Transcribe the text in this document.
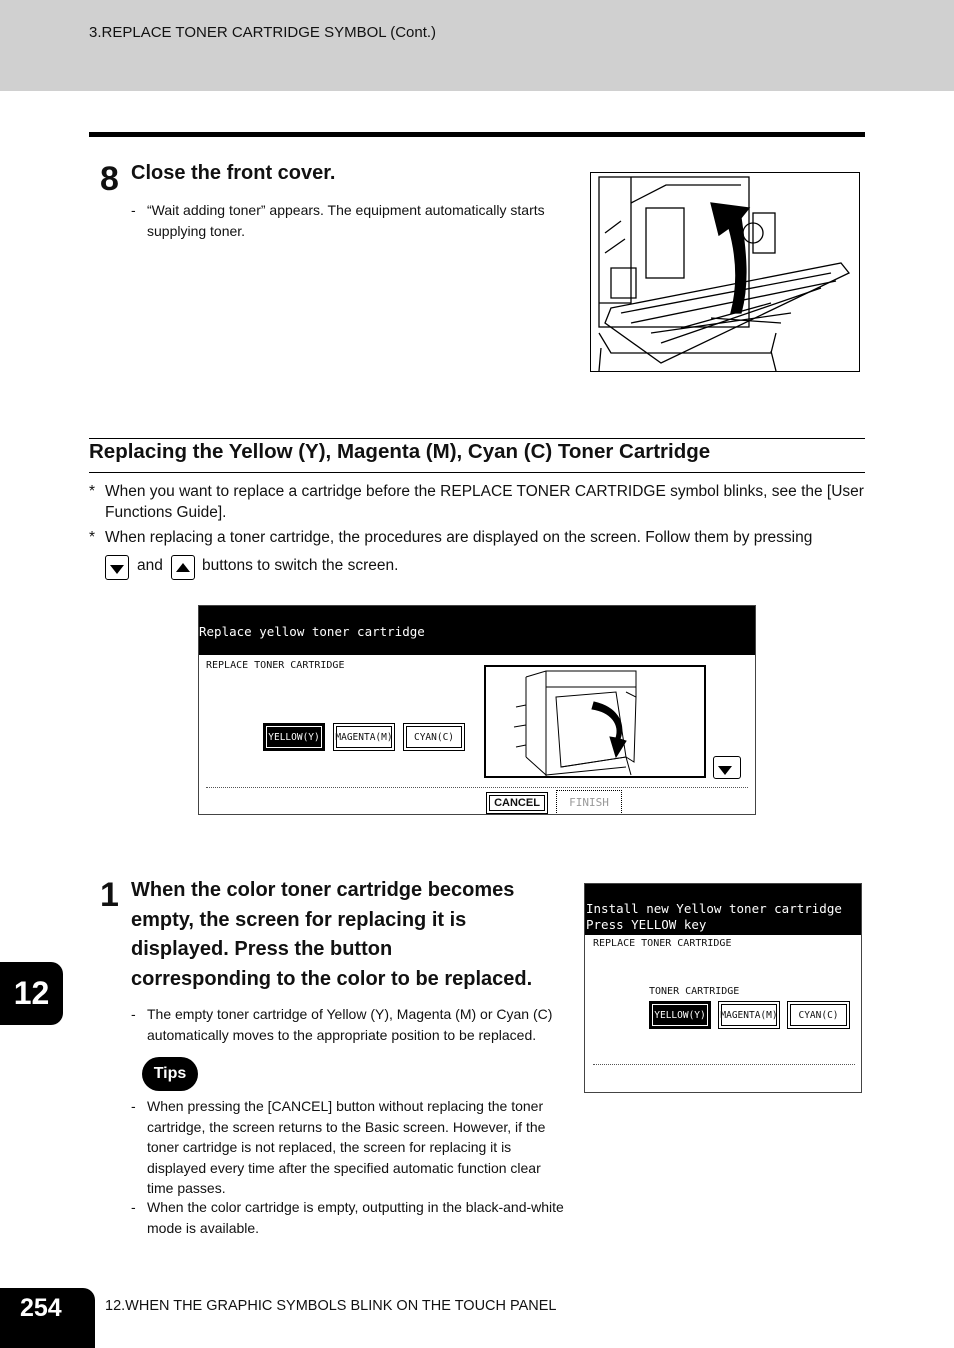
3.REPLACE TONER CARTRIDGE SYMBOL (Cont.)
8 Close the front cover.
- “Wait adding toner” appears. The equipment automatically starts supplying toner.
Replacing the Yellow (Y), Magenta (M), Cyan (C) Toner Cartridge
* When you want to replace a cartridge before the REPLACE TONER CARTRIDGE symbol blinks, see the [User Functions Guide].
* When replacing a toner cartridge, the procedures are displayed on the screen. Follow them by pressing
and	buttons to switch the screen.
Replace yellow toner cartridge
REPLACE TONER CARTRIDGE
YELLOW(Y)	MAGENTA(M)	CYAN(C)
CANCEL	FINISH
1 When the color toner cartridge becomes
empty, the screen for replacing it is
displayed. Press the button
corresponding to the color to be replaced.
- The empty toner cartridge of Yellow (Y), Magenta (M) or Cyan (C) automatically moves to the appropriate position to be replaced.
Install new Yellow toner cartridge
Press YELLOW key
REPLACE TONER CARTRIDGE
TONER CARTRIDGE
YELLOW(Y)	MAGENTA(M)	CYAN(C)
Tips
- When pressing the [CANCEL] button without replacing the toner cartridge, the screen returns to the Basic screen. However, if the toner cartridge is not replaced, the screen for replacing it is displayed every time after the specified automatic function clear time passes.
- When the color cartridge is empty, outputting in the black-and-white mode is available.
12
254	12.WHEN THE GRAPHIC SYMBOLS BLINK ON THE TOUCH PANEL
